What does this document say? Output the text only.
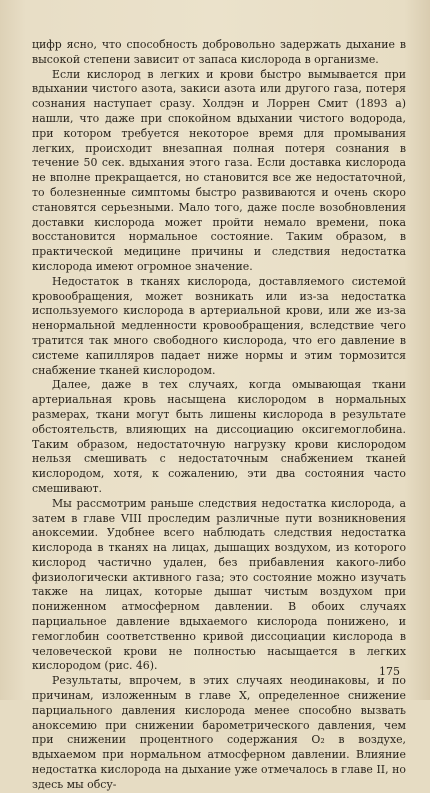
цифр ясно, что способность добровольно задержать дыхание в высокой степени зависит от запаса кислорода в организме.

Если кислород в легких и крови быстро вымывается при вдыхании чистого азота, закиси азота или другого газа, потеря сознания наступает сразу. Холдэн и Лоррен Смит (1893 а) нашли, что даже при спокойном вдыхании чистого водорода, при котором требуется некоторое время для промывания легких, происходит внезапная полная потеря сознания в течение 50 сек. вдыхания этого газа. Если доставка кислорода не вполне прекращается, но становится все же недостаточной, то болезненные симптомы быстро развиваются и очень скоро становятся серьезными. Мало того, даже после возобновления доставки кислорода может пройти немало времени, пока восстановится нормальное состояние. Таким образом, в практической медицине причины и следствия недостатка кислорода имеют огромное значение.

Недостаток в тканях кислорода, доставляемого системой кровообращения, может возникать или из-за недостатка используемого кислорода в артериальной крови, или же из-за ненормальной медленности кровообращения, вследствие чего тратится так много свободного кислорода, что его давление в системе капилляров падает ниже нормы и этим тормозится снабжение тканей кислородом.

Далее, даже в тех случаях, когда омывающая ткани артериальная кровь насыщена кислородом в нормальных размерах, ткани могут быть лишены кислорода в результате обстоятельств, влияющих на диссоциацию оксигемоглобина. Таким образом, недостаточную нагрузку крови кислородом нельзя смешивать с недостаточным снабжением тканей кислородом, хотя, к сожалению, эти два состояния часто смешивают.

Мы рассмотрим раньше следствия недостатка кислорода, а затем в главе VIII проследим различные пути возникновения аноксемии. Удобнее всего наблюдать следствия недостатка кислорода в тканях на лицах, дышащих воздухом, из которого кислород частично удален, без прибавления какого-либо физиологически активного газа; это состояние можно изучать также на лицах, которые дышат чистым воздухом при пониженном атмосферном давлении. В обоих случаях парциальное давление вдыхаемого кислорода понижено, и гемоглобин соответственно кривой диссоциации кислорода в человеческой крови не полностью насыщается в легких кислородом (рис. 46).

Результаты, впрочем, в этих случаях неодинаковы, и по причинам, изложенным в главе X, определенное снижение парциального давления кислорода менее способно вызвать аноксемию при снижении барометрического давления, чем при снижении процентного содержания O₂ в воздухе, вдыхаемом при нормальном атмосферном давлении. Влияние недостатка кислорода на дыхание уже отмечалось в главе II, но здесь мы обсу-

175
